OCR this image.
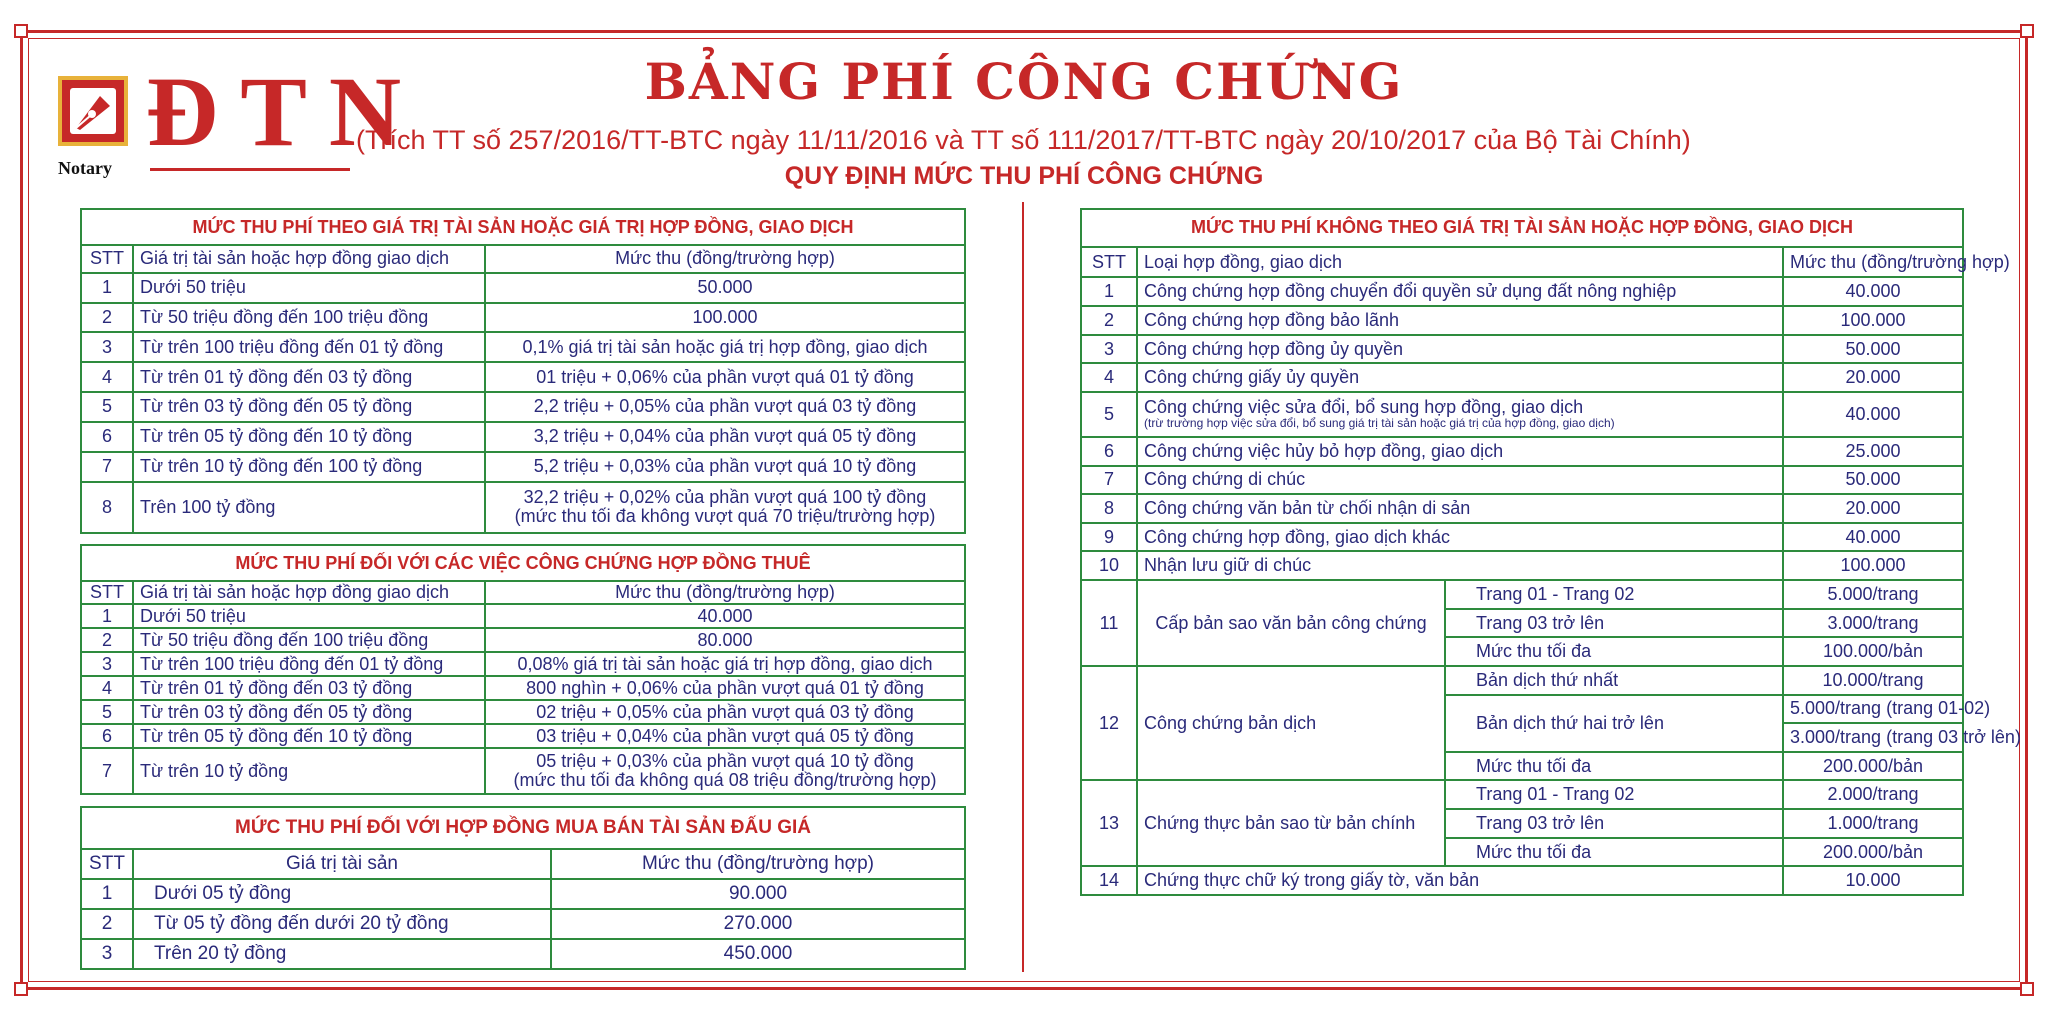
ĐTN
Notary
BẢNG PHÍ CÔNG CHỨNG
(Trích TT số 257/2016/TT-BTC ngày 11/11/2016 và TT số 111/2017/TT-BTC ngày 20/10/2017 của Bộ Tài Chính)
QUY ĐỊNH MỨC THU PHÍ CÔNG CHỨNG
MỨC THU PHÍ THEO GIÁ TRỊ TÀI SẢN HOẶC GIÁ TRỊ HỢP ĐỒNG, GIAO DỊCH		
STT	Giá trị tài sản hoặc hợp đồng giao dịch	Mức thu (đồng/trường hợp)
1	Dưới 50 triệu	50.000
2	Từ 50 triệu đồng đến 100 triệu đồng	100.000
3	Từ trên 100 triệu đồng đến 01 tỷ đồng	0,1% giá trị tài sản hoặc giá trị hợp đồng, giao dịch
4	Từ trên 01 tỷ đồng đến 03 tỷ đồng	01 triệu + 0,06% của phần vượt quá 01 tỷ đồng
5	Từ trên 03 tỷ đồng đến 05 tỷ đồng	2,2 triệu + 0,05% của phần vượt quá 03 tỷ đồng
6	Từ trên 05 tỷ đồng đến 10 tỷ đồng	3,2 triệu + 0,04% của phần vượt quá 05 tỷ đồng
7	Từ trên 10 tỷ đồng đến 100 tỷ đồng	5,2 triệu + 0,03% của phần vượt quá 10 tỷ đồng
8	Trên 100 tỷ đồng	32,2 triệu + 0,02% của phần vượt quá 100 tỷ đồng
(mức thu tối đa không vượt quá 70 triệu/trường hợp)
MỨC THU PHÍ ĐỐI VỚI CÁC VIỆC CÔNG CHỨNG HỢP ĐỒNG THUÊ		
STT	Giá trị tài sản hoặc hợp đồng giao dịch	Mức thu (đồng/trường hợp)
1	Dưới 50 triệu	40.000
2	Từ 50 triệu đồng đến 100 triệu đồng	80.000
3	Từ trên 100 triệu đồng đến 01 tỷ đồng	0,08% giá trị tài sản hoặc giá trị hợp đồng, giao dịch
4	Từ trên 01 tỷ đồng đến 03 tỷ đồng	800 nghìn + 0,06% của phần vượt quá 01 tỷ đồng
5	Từ trên 03 tỷ đồng đến 05 tỷ đồng	02 triệu + 0,05% của phần vượt quá 03 tỷ đồng
6	Từ trên 05 tỷ đồng đến 10 tỷ đồng	03 triệu + 0,04% của phần vượt quá 05 tỷ đồng
7	Từ trên 10 tỷ đồng	05 triệu + 0,03% của phần vượt quá 10 tỷ đồng
(mức thu tối đa không quá 08 triệu đồng/trường hợp)
MỨC THU PHÍ ĐỐI VỚI HỢP ĐỒNG MUA BÁN TÀI SẢN ĐẤU GIÁ		
STT	Giá trị tài sản	Mức thu (đồng/trường hợp)
1	Dưới 05 tỷ đồng	90.000
2	Từ 05 tỷ đồng đến dưới 20 tỷ đồng	270.000
3	Trên 20 tỷ đồng	450.000
MỨC THU PHÍ KHÔNG THEO GIÁ TRỊ TÀI SẢN HOẶC HỢP ĐỒNG, GIAO DỊCH			
STT	Loại hợp đồng, giao dịch		Mức thu (đồng/trường hợp)
1	Công chứng hợp đồng chuyển đổi quyền sử dụng đất nông nghiệp		40.000
2	Công chứng hợp đồng bảo lãnh		100.000
3	Công chứng hợp đồng ủy quyền		50.000
4	Công chứng giấy ủy quyền		20.000
5	Công chứng việc sửa đổi, bổ sung hợp đồng, giao dịch
(trừ trường hợp việc sửa đổi, bổ sung giá trị tài sản hoặc giá trị của hợp đồng, giao dịch)		40.000
6	Công chứng việc hủy bỏ hợp đồng, giao dịch		25.000
7	Công chứng di chúc		50.000
8	Công chứng văn bản từ chối nhận di sản		20.000
9	Công chứng hợp đồng, giao dịch khác		40.000
10	Nhận lưu giữ di chúc		100.000
11	Cấp bản sao văn bản công chứng	Trang 01 - Trang 02	5.000/trang
		Trang 03 trở lên	3.000/trang
		Mức thu tối đa	100.000/bản
12	Công chứng bản dịch	Bản dịch thứ nhất	10.000/trang
		Bản dịch thứ hai trở lên	5.000/trang (trang 01-02)
			3.000/trang (trang 03 trở lên)
		Mức thu tối đa	200.000/bản
13	Chứng thực bản sao từ bản chính	Trang 01 - Trang 02	2.000/trang
		Trang 03 trở lên	1.000/trang
		Mức thu tối đa	200.000/bản
14	Chứng thực chữ ký trong giấy tờ, văn bản		10.000
